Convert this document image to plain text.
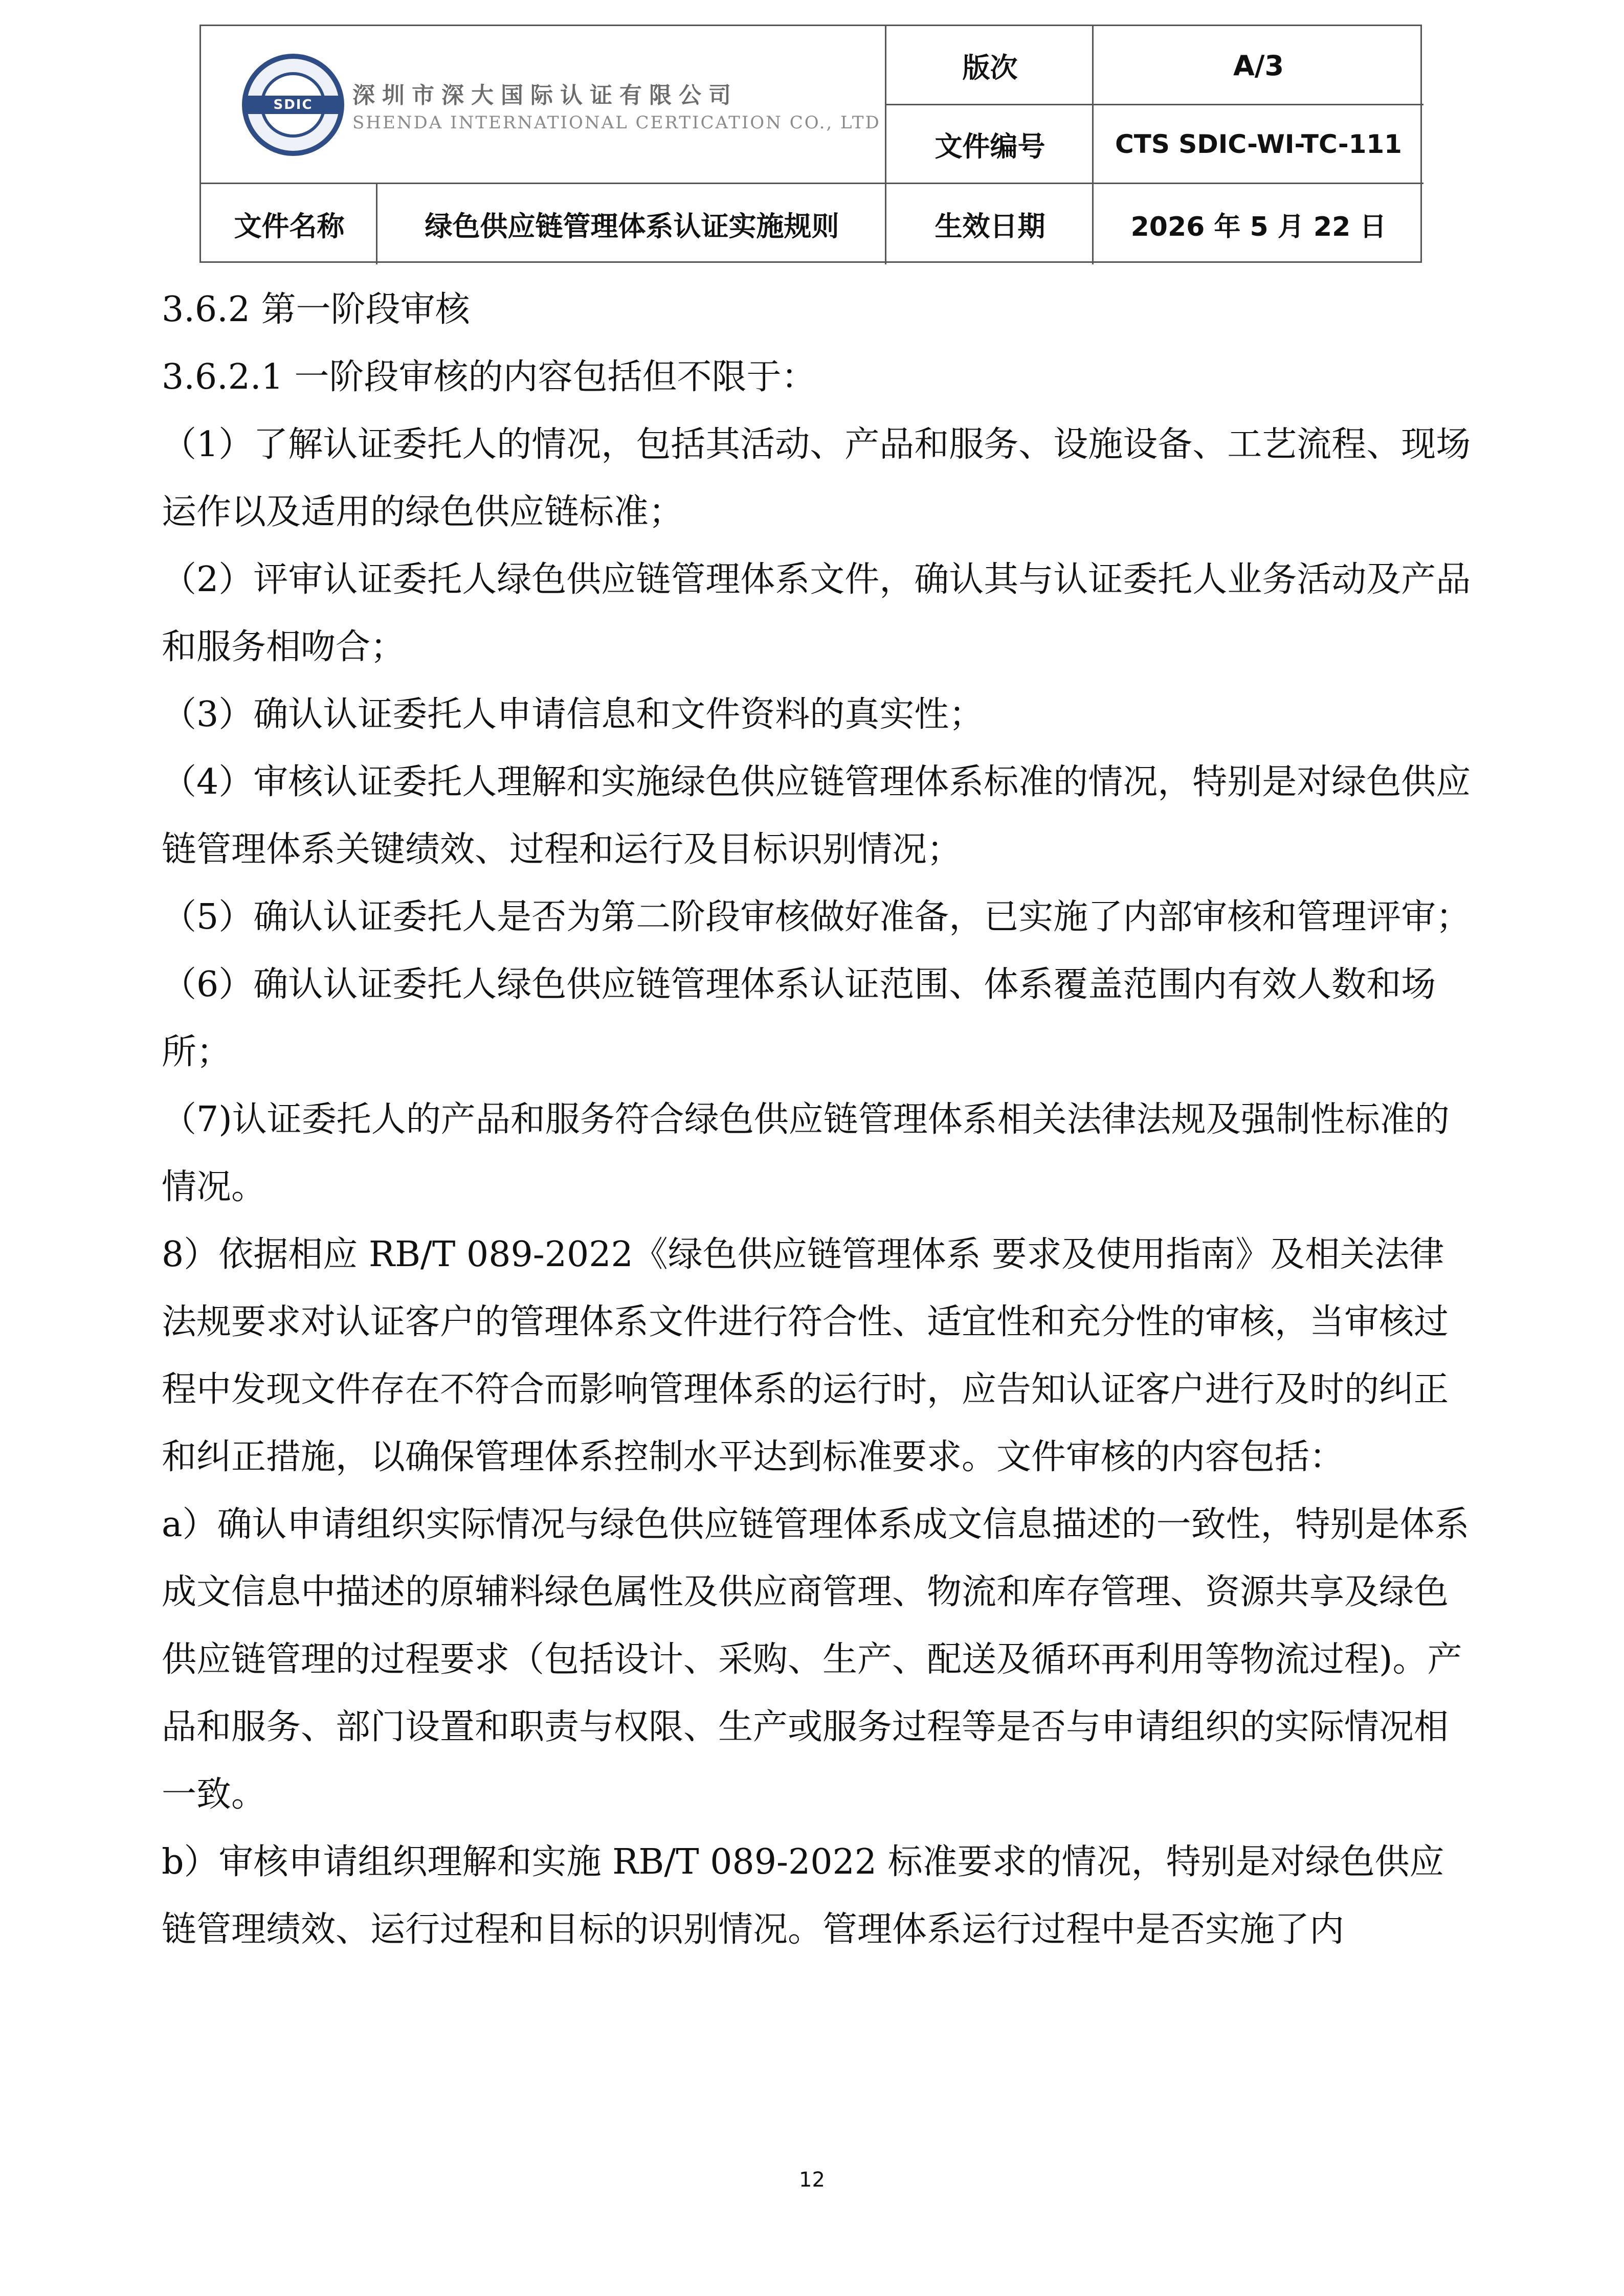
SDIC	深圳市深大国际认证有限公司
SHENDA INTERNATIONAL CERTICATION CO., LTD
版次	A/3
文件编号	CTS SDIC-WI-TC-111
文件名称	绿色供应链管理体系认证实施规则	生效日期	2026 年 5 月 22 日

3.6.2 第一阶段审核

3.6.2.1 一阶段审核的内容包括但不限于：

（1）了解认证委托人的情况，包括其活动、产品和服务、设施设备、工艺流程、现场运作以及适用的绿色供应链标准；

（2）评审认证委托人绿色供应链管理体系文件，确认其与认证委托人业务活动及产品和服务相吻合；

（3）确认认证委托人申请信息和文件资料的真实性；

（4）审核认证委托人理解和实施绿色供应链管理体系标准的情况，特别是对绿色供应链管理体系关键绩效、过程和运行及目标识别情况；

（5）确认认证委托人是否为第二阶段审核做好准备，已实施了内部审核和管理评审；

（6）确认认证委托人绿色供应链管理体系认证范围、体系覆盖范围内有效人数和场所；

（7)认证委托人的产品和服务符合绿色供应链管理体系相关法律法规及强制性标准的情况。

8）依据相应 RB/T 089-2022《绿色供应链管理体系 要求及使用指南》及相关法律法规要求对认证客户的管理体系文件进行符合性、适宜性和充分性的审核，当审核过程中发现文件存在不符合而影响管理体系的运行时，应告知认证客户进行及时的纠正和纠正措施，以确保管理体系控制水平达到标准要求。文件审核的内容包括：

a）确认申请组织实际情况与绿色供应链管理体系成文信息描述的一致性，特别是体系成文信息中描述的原辅料绿色属性及供应商管理、物流和库存管理、资源共享及绿色供应链管理的过程要求（包括设计、采购、生产、配送及循环再利用等物流过程)。产品和服务、部门设置和职责与权限、生产或服务过程等是否与申请组织的实际情况相一致。

b）审核申请组织理解和实施 RB/T 089-2022 标准要求的情况，特别是对绿色供应链管理绩效、运行过程和目标的识别情况。管理体系运行过程中是否实施了内

12
